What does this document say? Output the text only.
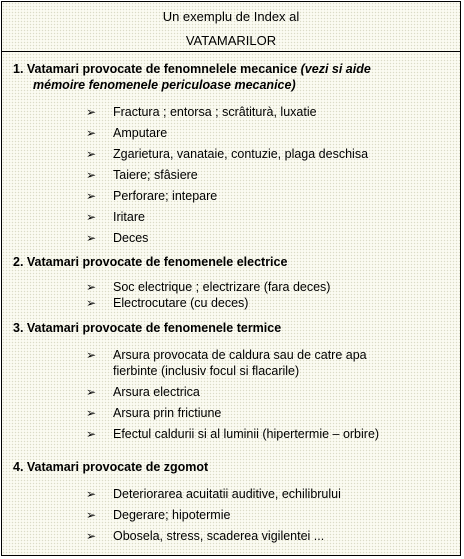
Un exemplu de Index al
VATAMARILOR
1. Vatamari provocate de fenomnelele mecanice (vezi si aide
mémoire fenomenele periculoase mecanice)
➢ Fractura ; entorsa ; scrâtiturà, luxatie
➢ Amputare
➢ Zgarietura, vanataie, contuzie, plaga deschisa
➢ Taiere; sfâsiere
➢ Perforare; intepare
➢ Iritare
➢ Deces
2. Vatamari provocate de fenomenele electrice
➢ Soc electrique ; electrizare (fara deces)
➢ Electrocutare (cu deces)
3. Vatamari provocate de fenomenele termice
➢ Arsura provocata de caldura sau de catre apa
fierbinte (inclusiv focul si flacarile)
➢ Arsura electrica
➢ Arsura prin frictiune
➢ Efectul caldurii si al luminii (hipertermie – orbire)
4. Vatamari provocate de zgomot
➢ Deteriorarea acuitatii auditive, echilibrului
➢ Degerare; hipotermie
➢ Obosela, stress, scaderea vigilentei ...
